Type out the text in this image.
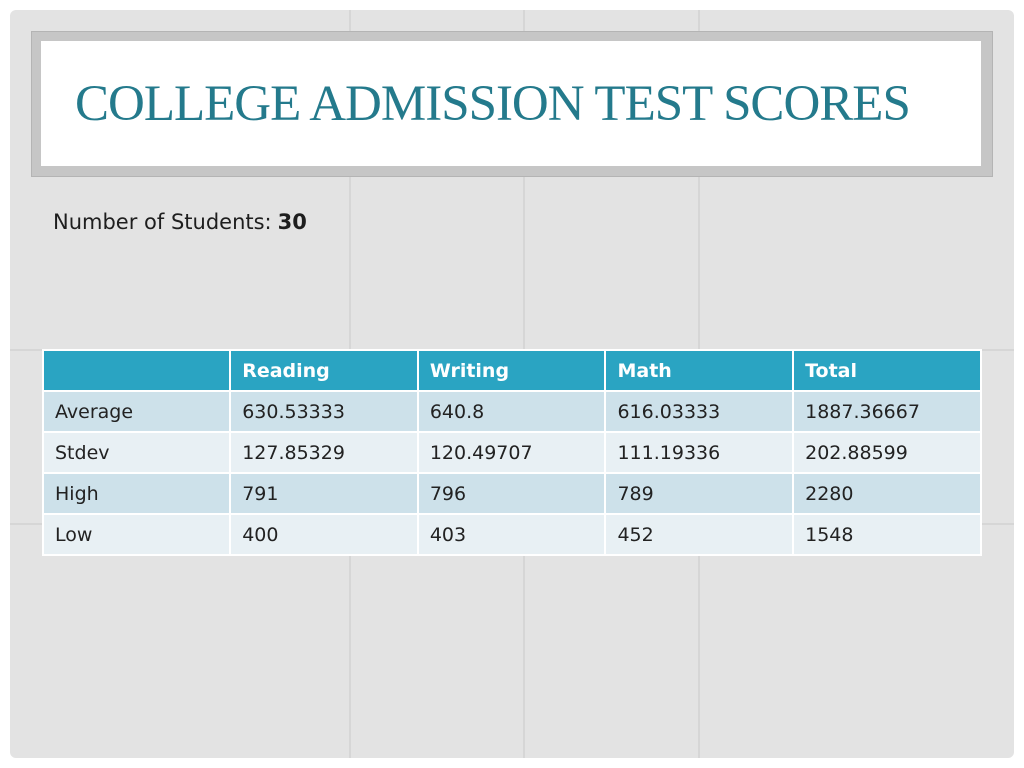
COLLEGE ADMISSION TEST SCORES
Number of Students: 30
	Reading	Writing	Math	Total
Average	630.53333	640.8	616.03333	1887.36667
Stdev	127.85329	120.49707	111.19336	202.88599
High	791	796	789	2280
Low	400	403	452	1548
